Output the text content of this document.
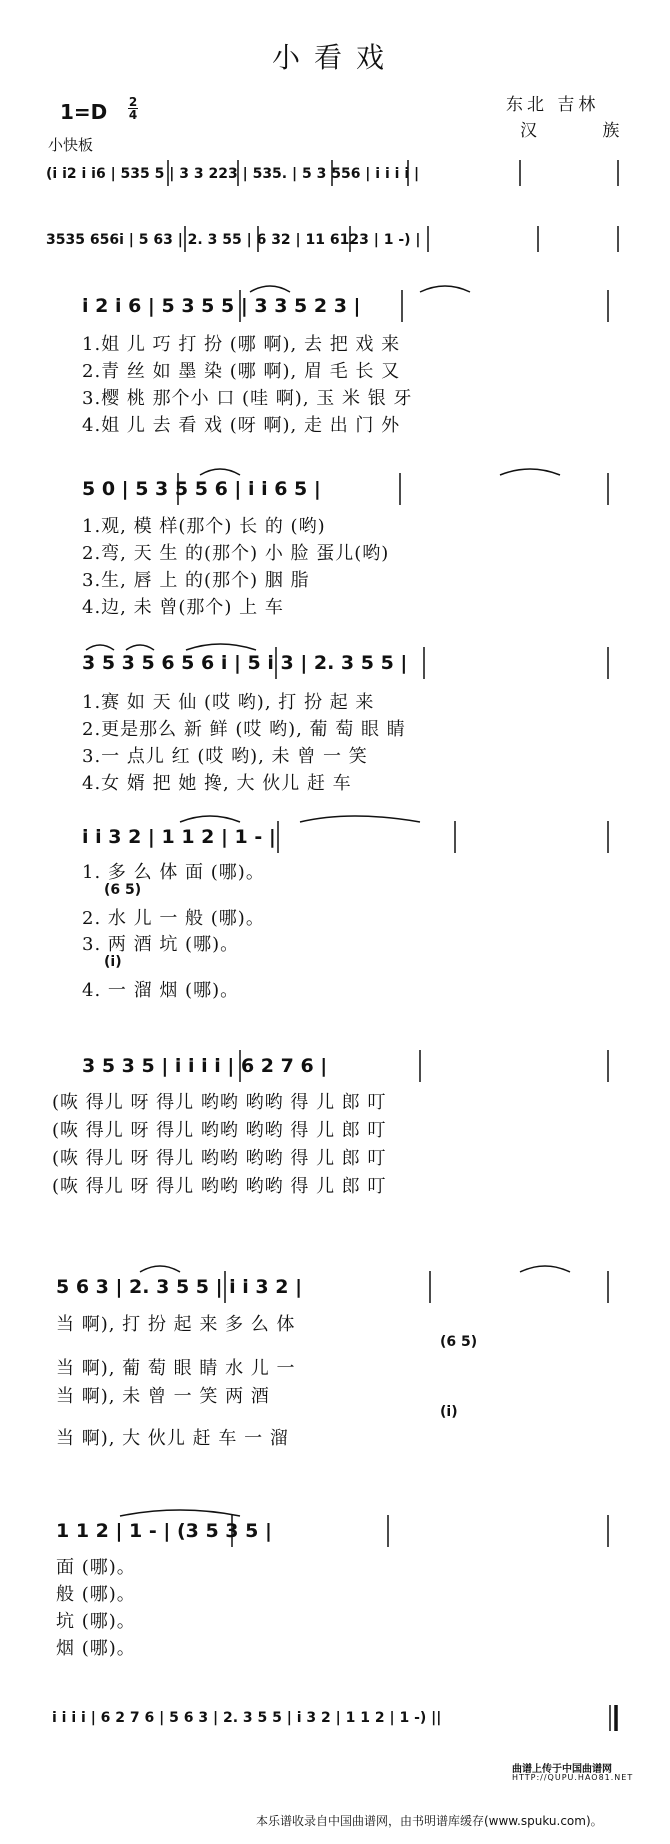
小看戏
1=D 2
4
小快板
东北 吉林
汉 族
(i i2 i i6 | 535 5 | 3 3 223 | 535. | 5 3 556 | i i i i |
3535 656i | 5 63 | 2. 3 55 | 6 32 | 11 6123 | 1 -) |
i 2 i 6 | 5 3 5 5 | 3 3 5 2 3 |
1.姐 儿 巧 打 扮 (哪 啊), 去 把 戏 来
2.青 丝 如 墨 染 (哪 啊), 眉 毛 长 又
3.樱 桃 那个小 口 (哇 啊), 玉 米 银 牙
4.姐 儿 去 看 戏 (呀 啊), 走 出 门 外
5 0 | 5 3 5 5 6 | i i 6 5 |
1.观, 模 样(那个) 长 的 (哟)
2.弯, 天 生 的(那个) 小 脸 蛋儿(哟)
3.生, 唇 上 的(那个) 胭 脂
4.边, 未 曾(那个) 上 车
3 5 3 5 6 5 6 i | 5 i 3 | 2. 3 5 5 |
1.赛 如 天 仙 (哎 哟), 打 扮 起 来
2.更是那么 新 鲜 (哎 哟), 葡 萄 眼 睛
3.一 点儿 红 (哎 哟), 未 曾 一 笑
4.女 婿 把 她 搀, 大 伙儿 赶 车
i i 3 2 | 1 1 2 | 1 - |
1. 多 么 体 面 (哪)。
(6 5)
2. 水 儿 一 般 (哪)。
3. 两 酒 坑 (哪)。
(i)
4. 一 溜 烟 (哪)。
3 5 3 5 | i i i i | 6 2 7 6 |
(咴 得儿 呀 得儿 哟哟 哟哟 得 儿 郎 叮
(咴 得儿 呀 得儿 哟哟 哟哟 得 儿 郎 叮
(咴 得儿 呀 得儿 哟哟 哟哟 得 儿 郎 叮
(咴 得儿 呀 得儿 哟哟 哟哟 得 儿 郎 叮
5 6 3 | 2. 3 5 5 | i i 3 2 |
当 啊), 打 扮 起 来 多 么 体
(6 5)
当 啊), 葡 萄 眼 睛 水 儿 一
当 啊), 未 曾 一 笑 两 酒
(i)
当 啊), 大 伙儿 赶 车 一 溜
1 1 2 | 1 - | (3 5 3 5 |
面 (哪)。
般 (哪)。
坑 (哪)。
烟 (哪)。
i i i i | 6 2 7 6 | 5 6 3 | 2. 3 5 5 | i 3 2 | 1 1 2 | 1 -) ||
曲谱上传于中国曲谱网
HTTP://QUPU.HAO81.NET
本乐谱收录自中国曲谱网，由书明谱库缓存(www.spuku.com)。
